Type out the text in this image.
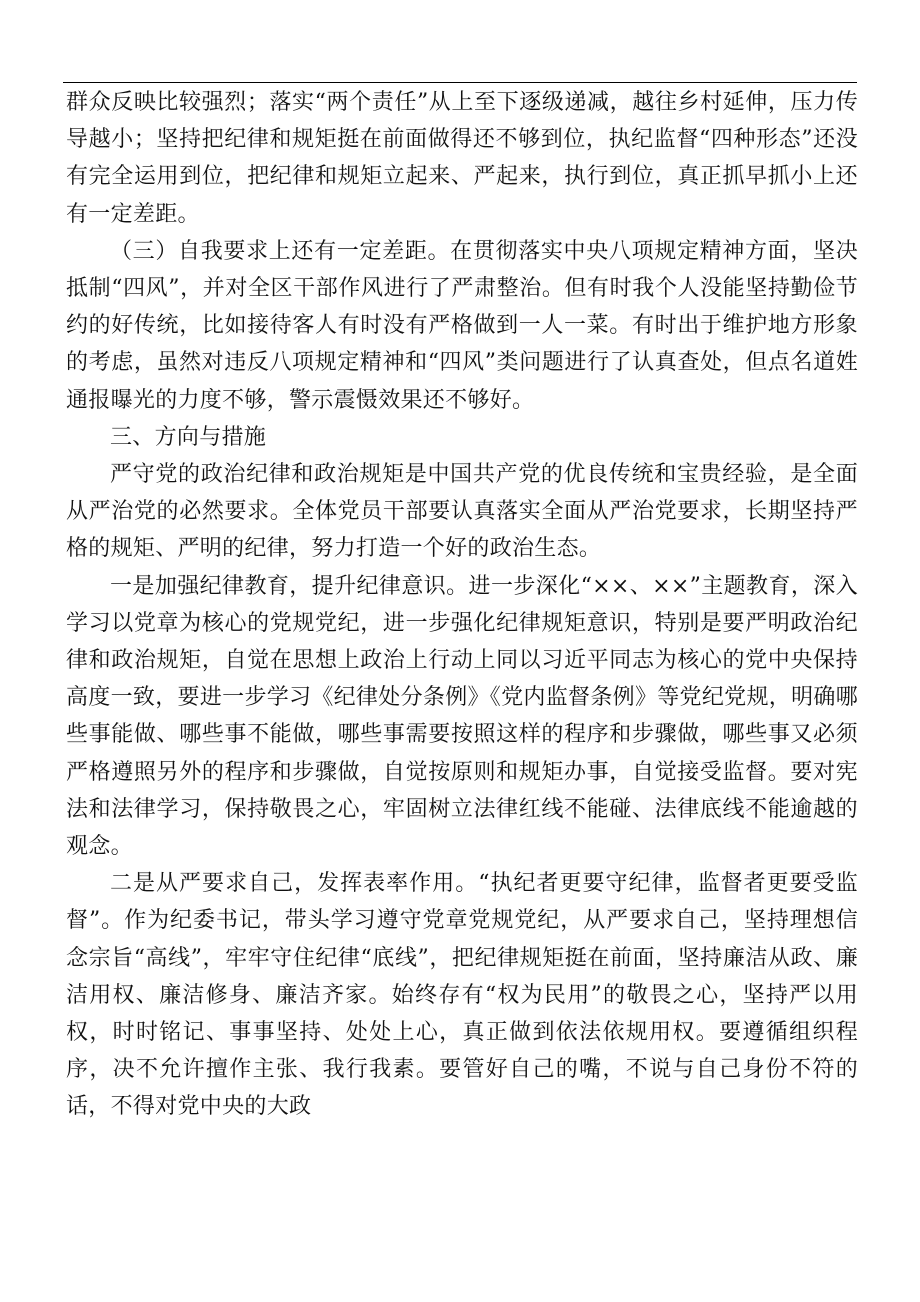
群众反映比较强烈；落实“两个责任”从上至下逐级递减，越往乡村延伸，压力传导越小；坚持把纪律和规矩挺在前面做得还不够到位，执纪监督“四种形态”还没有完全运用到位，把纪律和规矩立起来、严起来，执行到位，真正抓早抓小上还有一定差距。

（三）自我要求上还有一定差距。在贯彻落实中央八项规定精神方面，坚决抵制“四风”，并对全区干部作风进行了严肃整治。但有时我个人没能坚持勤俭节约的好传统，比如接待客人有时没有严格做到一人一菜。有时出于维护地方形象的考虑，虽然对违反八项规定精神和“四风”类问题进行了认真查处，但点名道姓通报曝光的力度不够，警示震慑效果还不够好。

三、方向与措施

严守党的政治纪律和政治规矩是中国共产党的优良传统和宝贵经验，是全面从严治党的必然要求。全体党员干部要认真落实全面从严治党要求，长期坚持严格的规矩、严明的纪律，努力打造一个好的政治生态。

一是加强纪律教育，提升纪律意识。进一步深化“××、××”主题教育，深入学习以党章为核心的党规党纪，进一步强化纪律规矩意识，特别是要严明政治纪律和政治规矩，自觉在思想上政治上行动上同以习近平同志为核心的党中央保持高度一致，要进一步学习《纪律处分条例》《党内监督条例》等党纪党规，明确哪些事能做、哪些事不能做，哪些事需要按照这样的程序和步骤做，哪些事又必须严格遵照另外的程序和步骤做，自觉按原则和规矩办事，自觉接受监督。要对宪法和法律学习，保持敬畏之心，牢固树立法律红线不能碰、法律底线不能逾越的观念。

二是从严要求自己，发挥表率作用。“执纪者更要守纪律，监督者更要受监督”。作为纪委书记，带头学习遵守党章党规党纪，从严要求自己，坚持理想信念宗旨“高线”，牢牢守住纪律“底线”，把纪律规矩挺在前面，坚持廉洁从政、廉洁用权、廉洁修身、廉洁齐家。始终存有“权为民用”的敬畏之心，坚持严以用权，时时铭记、事事坚持、处处上心，真正做到依法依规用权。要遵循组织程序，决不允许擅作主张、我行我素。要管好自己的嘴，不说与自己身份不符的话，不得对党中央的大政
